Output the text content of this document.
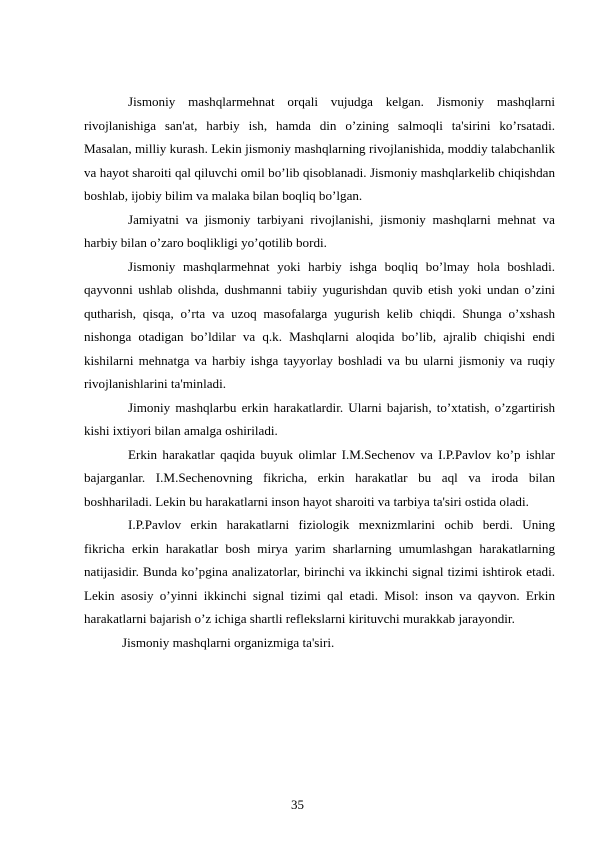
Jismoniy mashqlarmehnat orqali vujudga kelgan. Jismoniy mashqlarni rivojlanishiga san'at, harbiy ish, hamda din o’zining salmoqli ta'sirini ko’rsatadi. Masalan, milliy kurash. Lekin jismoniy mashqlarning rivojlanishida, moddiy talabchanlik va hayot sharoiti qal qiluvchi omil bo’lib qisoblanadi. Jismoniy mashqlarkelib chiqishdan boshlab, ijobiy bilim va malaka bilan boqliq bo’lgan.

Jamiyatni va jismoniy tarbiyani rivojlanishi, jismoniy mashqlarni mehnat va harbiy bilan o’zaro boqlikligi yo’qotilib bordi.

Jismoniy mashqlarmehnat yoki harbiy ishga boqliq bo’lmay hola boshladi. qayvonni ushlab olishda, dushmanni tabiiy yugurishdan quvib etish yoki undan o’zini qutharish, qisqa, o’rta va uzoq masofalarga yugurish kelib chiqdi. Shunga o’xshash nishonga otadigan bo’ldilar va q.k. Mashqlarni aloqida bo’lib, ajralib chiqishi endi kishilarni mehnatga va harbiy ishga tayyorlay boshladi va bu ularni jismoniy va ruqiy rivojlanishlarini ta'minladi.

Jimoniy mashqlarbu erkin harakatlardir. Ularni bajarish, to’xtatish, o’zgartirish kishi ixtiyori bilan amalga oshiriladi.

Erkin harakatlar qaqida buyuk olimlar I.M.Sechenov va I.P.Pavlov ko’p ishlar bajarganlar. I.M.Sechenovning fikricha, erkin harakatlar bu aql va iroda bilan boshhariladi. Lekin bu harakatlarni inson hayot sharoiti va tarbiya ta'siri ostida oladi.

I.P.Pavlov erkin harakatlarni fiziologik mexnizmlarini ochib berdi. Uning fikricha erkin harakatlar bosh mirya yarim sharlarning umumlashgan harakatlarning natijasidir. Bunda ko’pgina analizatorlar, birinchi va ikkinchi signal tizimi ishtirok etadi. Lekin asosiy o’yinni ikkinchi signal tizimi qal etadi. Misol: inson va qayvon. Erkin harakatlarni bajarish o’z ichiga shartli reflekslarni kirituvchi murakkab jarayondir.

Jismoniy mashqlarni organizmiga ta'siri.

35
